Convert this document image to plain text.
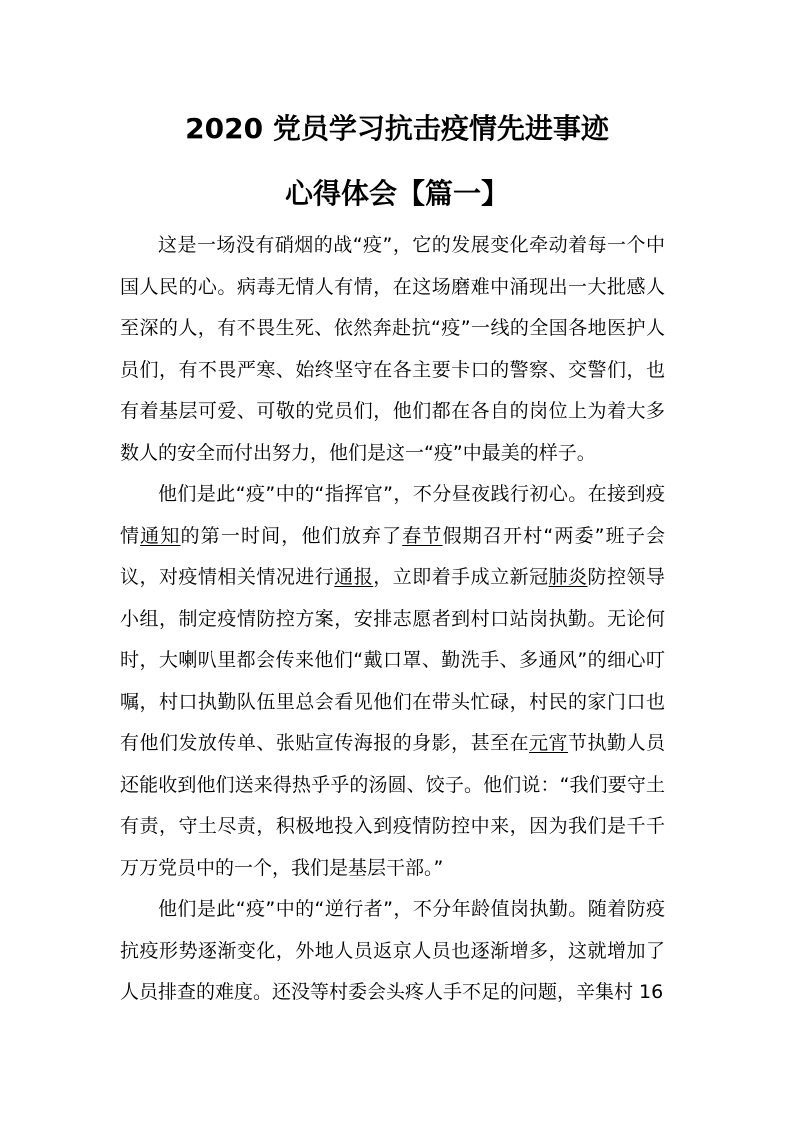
2020 党员学习抗击疫情先进事迹
心得体会【篇一】

这是一场没有硝烟的战“疫”，它的发展变化牵动着每一个中国人民的心。病毒无情人有情，在这场磨难中涌现出一大批感人至深的人，有不畏生死、依然奔赴抗“疫”一线的全国各地医护人员们，有不畏严寒、始终坚守在各主要卡口的警察、交警们，也有着基层可爱、可敬的党员们，他们都在各自的岗位上为着大多数人的安全而付出努力，他们是这一“疫”中最美的样子。

他们是此“疫”中的“指挥官”，不分昼夜践行初心。在接到疫情通知的第一时间，他们放弃了春节假期召开村“两委”班子会议，对疫情相关情况进行通报，立即着手成立新冠肺炎防控领导小组，制定疫情防控方案，安排志愿者到村口站岗执勤。无论何时，大喇叭里都会传来他们“戴口罩、勤洗手、多通风”的细心叮嘱，村口执勤队伍里总会看见他们在带头忙碌，村民的家门口也有他们发放传单、张贴宣传海报的身影，甚至在元宵节执勤人员还能收到他们送来得热乎乎的汤圆、饺子。他们说：“我们要守土有责，守土尽责，积极地投入到疫情防控中来，因为我们是千千万万党员中的一个，我们是基层干部。”

他们是此“疫”中的“逆行者”，不分年龄值岗执勤。随着防疫抗疫形势逐渐变化，外地人员返京人员也逐渐增多，这就增加了人员排查的难度。还没等村委会头疼人手不足的问题，辛集村 16
